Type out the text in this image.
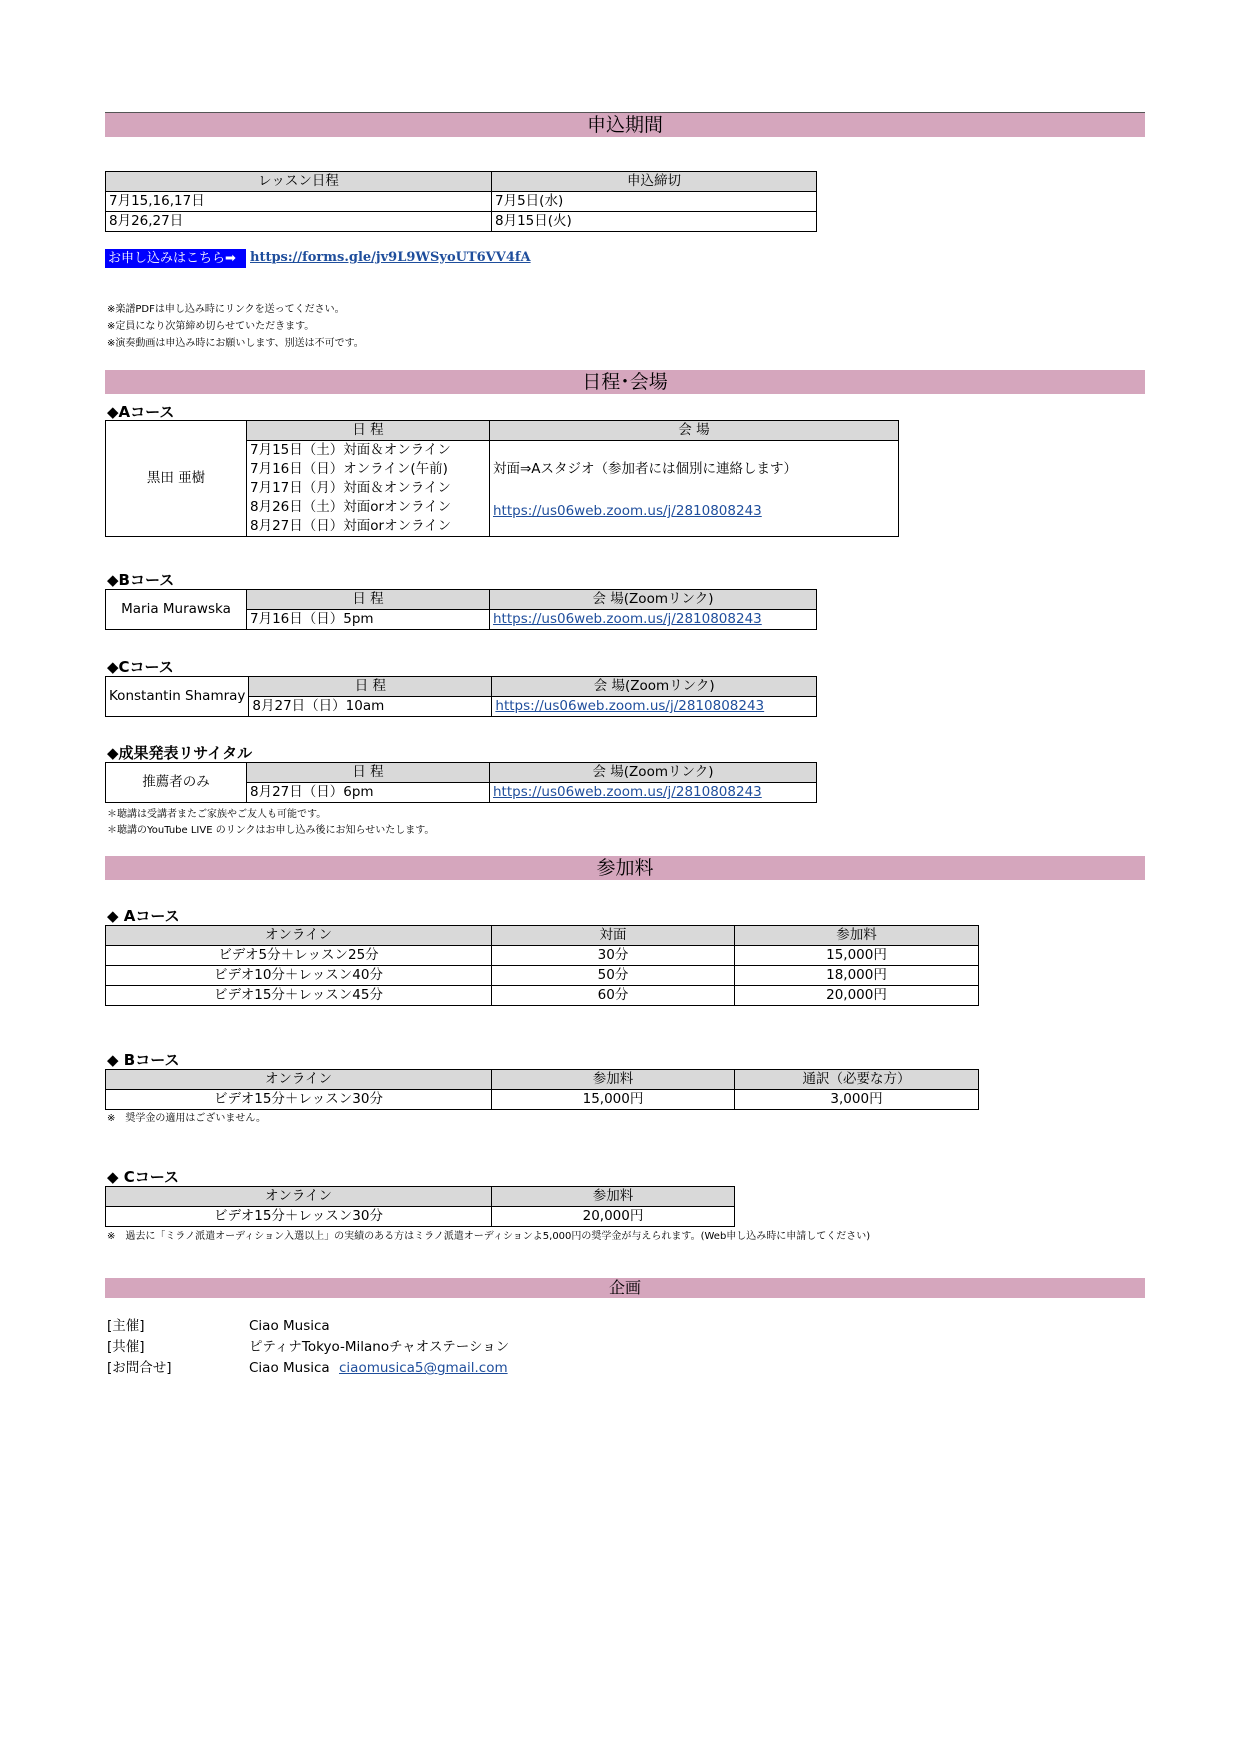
申込期間
レッスン日程	申込締切
7月15,16,17日	7月5日(水)
8月26,27日	8月15日(火)
お申し込みはこちら➡	https://forms.gle/jv9L9WSyoUT6VV4fA
※楽譜PDFは申し込み時にリンクを送ってください。
※定員になり次第締め切らせていただきます。
※演奏動画は申込み時にお願いします、別送は不可です。
日程･会場
◆Aコース
黒田 亜樹	日 程	会 場
	7月15日（土）対面＆オンライン	対面⇒Aスタジオ（参加者には個別に連絡します）
https://us06web.zoom.us/j/2810808243
	7月16日（日）オンライン(午前)	
	7月17日（月）対面＆オンライン	
	8月26日（土）対面orオンライン	
	8月27日（日）対面orオンライン	
◆Bコース
Maria Murawska	日 程	会 場(Zoomリンク)
	7月16日（日）5pm	https://us06web.zoom.us/j/2810808243
◆Cコース
Konstantin Shamray	日 程	会 場(Zoomリンク)
	8月27日（日）10am	https://us06web.zoom.us/j/2810808243
◆成果発表リサイタル
推薦者のみ	日 程	会 場(Zoomリンク)
	8月27日（日）6pm	https://us06web.zoom.us/j/2810808243
＊聴講は受講者またご家族やご友人も可能です。
＊聴講のYouTube LIVE のリンクはお申し込み後にお知らせいたします。
参加料
◆ Aコース
オンライン	対面	参加料
ビデオ5分＋レッスン25分	30分	15,000円
ビデオ10分＋レッスン40分	50分	18,000円
ビデオ15分＋レッスン45分	60分	20,000円
◆ Bコース
オンライン	参加料	通訳（必要な方）
ビデオ15分＋レッスン30分	15,000円	3,000円
※　奨学金の適用はございません。
◆ Cコース
オンライン	参加料
ビデオ15分＋レッスン30分	20,000円
※　過去に「ミラノ派遣オーディション入選以上」の実績のある方はミラノ派遣オーディションよ5,000円の奨学金が与えられます。(Web申し込み時に申請してください)
企画
[主催]	Ciao Musica
[共催]	ピティナTokyo-Milanoチャオステーション
[お問合せ]	Ciao Musica ciaomusica5@gmail.com
